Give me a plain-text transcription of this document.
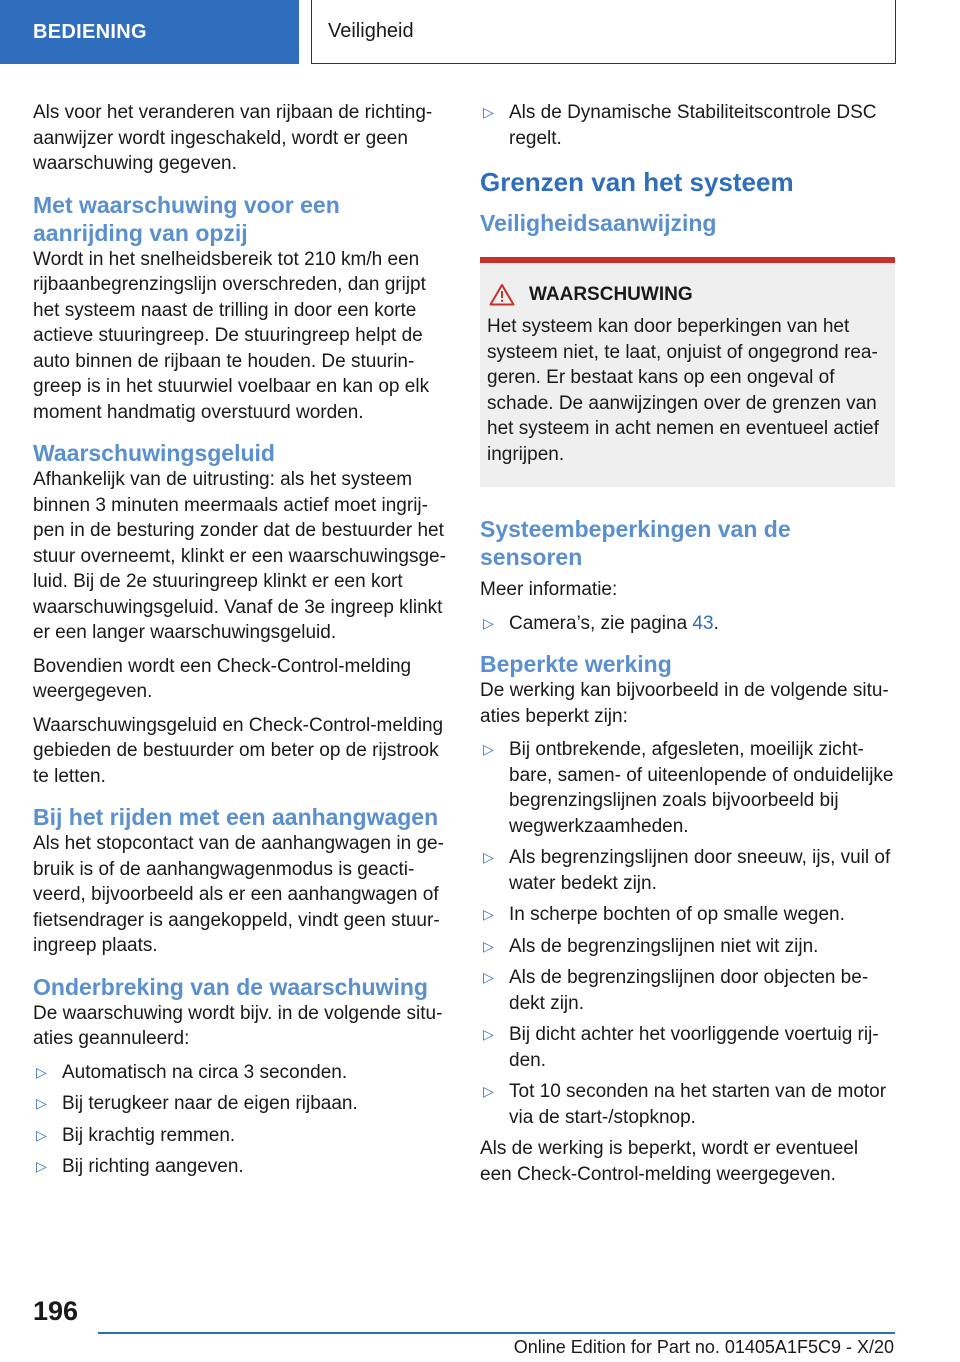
BEDIENING	Veiligheid

Als voor het veranderen van rijbaan de richtingaanwijzer wordt ingeschakeld, wordt er geen waarschuwing gegeven.

Met waarschuwing voor een aanrijding van opzij

Wordt in het snelheidsbereik tot 210 km/h een rijbaanbegrenzingslijn overschreden, dan grijpt het systeem naast de trilling in door een korte actieve stuuringreep. De stuuringreep helpt de auto binnen de rijbaan te houden. De stuuringreep is in het stuurwiel voelbaar en kan op elk moment handmatig overstuurd worden.

Waarschuwingsgeluid

Afhankelijk van de uitrusting: als het systeem binnen 3 minuten meermaals actief moet ingrijpen in de besturing zonder dat de bestuurder het stuur overneemt, klinkt er een waarschuwingsgeluid. Bij de 2e stuuringreep klinkt er een kort waarschuwingsgeluid. Vanaf de 3e ingreep klinkt er een langer waarschuwingsgeluid.

Bovendien wordt een Check-Control-melding weergegeven.

Waarschuwingsgeluid en Check-Control-melding gebieden de bestuurder om beter op de rijstrook te letten.

Bij het rijden met een aanhangwagen

Als het stopcontact van de aanhangwagen in gebruik is of de aanhangwagenmodus is geactiveerd, bijvoorbeeld als er een aanhangwagen of fietsendrager is aangekoppeld, vindt geen stuuringreep plaats.

Onderbreking van de waarschuwing

De waarschuwing wordt bijv. in de volgende situaties geannuleerd:

▷ Automatisch na circa 3 seconden.
▷ Bij terugkeer naar de eigen rijbaan.
▷ Bij krachtig remmen.
▷ Bij richting aangeven.
▷ Als de Dynamische Stabiliteitscontrole DSC regelt.
Grenzen van het systeem
Veiligheidsaanwijzing
WAARSCHUWING

Het systeem kan door beperkingen van het systeem niet, te laat, onjuist of ongegrond reageren. Er bestaat kans op een ongeval of schade. De aanwijzingen over de grenzen van het systeem in acht nemen en eventueel actief ingrijpen.

Systeembeperkingen van de sensoren

Meer informatie:

▷ Camera’s, zie pagina 43.
Beperkte werking

De werking kan bijvoorbeeld in de volgende situaties beperkt zijn:

▷ Bij ontbrekende, afgesleten, moeilijk zichtbare, samen- of uiteenlopende of onduidelijke begrenzingslijnen zoals bijvoorbeeld bij wegwerkzaamheden.
▷ Als begrenzingslijnen door sneeuw, ijs, vuil of water bedekt zijn.
▷ In scherpe bochten of op smalle wegen.
▷ Als de begrenzingslijnen niet wit zijn.
▷ Als de begrenzingslijnen door objecten bedekt zijn.
▷ Bij dicht achter het voorliggende voertuig rijden.
▷ Tot 10 seconden na het starten van de motor via de start-/stopknop.

Als de werking is beperkt, wordt er eventueel een Check-Control-melding weergegeven.

196
Online Edition for Part no. 01405A1F5C9 - X/20
